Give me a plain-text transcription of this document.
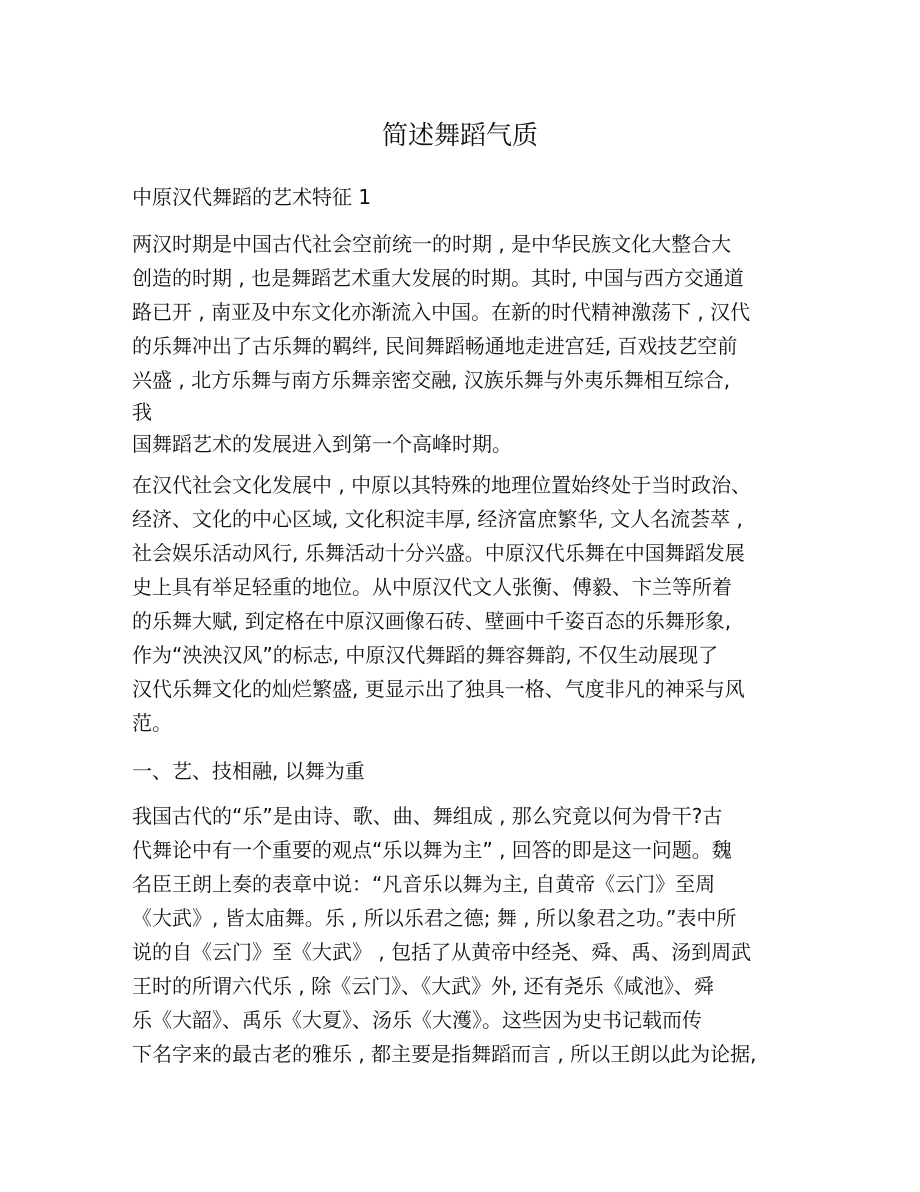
简述舞蹈气质
中原汉代舞蹈的艺术特征 1
两汉时期是中国古代社会空前统一的时期 , 是中华民族文化大整合大
创造的时期 , 也是舞蹈艺术重大发展的时期。其时, 中国与西方交通道
路已开 , 南亚及中东文化亦渐流入中国。在新的时代精神激荡下 , 汉代
的乐舞冲出了古乐舞的羁绊, 民间舞蹈畅通地走进宫廷, 百戏技艺空前
兴盛 , 北方乐舞与南方乐舞亲密交融, 汉族乐舞与外夷乐舞相互综合,
我
国舞蹈艺术的发展进入到第一个高峰时期。
在汉代社会文化发展中 , 中原以其特殊的地理位置始终处于当时政治、
经济、文化的中心区域, 文化积淀丰厚, 经济富庶繁华, 文人名流荟萃 ,
社会娱乐活动风行, 乐舞活动十分兴盛。中原汉代乐舞在中国舞蹈发展
史上具有举足轻重的地位。从中原汉代文人张衡、傅毅、卞兰等所着
的乐舞大赋, 到定格在中原汉画像石砖、壁画中千姿百态的乐舞形象,
作为“泱泱汉风”的标志, 中原汉代舞蹈的舞容舞韵, 不仅生动展现了
汉代乐舞文化的灿烂繁盛, 更显示出了独具一格、气度非凡的神采与风
范。
一、艺、技相融, 以舞为重
我国古代的“乐”是由诗、歌、曲、舞组成 , 那么究竟以何为骨干?古
代舞论中有一个重要的观点“乐以舞为主” , 回答的即是这一问题。魏
名臣王朗上奏的表章中说：“凡音乐以舞为主, 自黄帝《云门》至周
《大武》, 皆太庙舞。乐 , 所以乐君之德; 舞 , 所以象君之功。”表中所
说的自《云门》至《大武》 , 包括了从黄帝中经尧、舜、禹、汤到周武
王时的所谓六代乐 , 除《云门》、《大武》外, 还有尧乐《咸池》、舜
乐《大韶》、禹乐《大夏》、汤乐《大濩》。这些因为史书记载而传
下名字来的最古老的雅乐 , 都主要是指舞蹈而言 , 所以王朗以此为论据,
